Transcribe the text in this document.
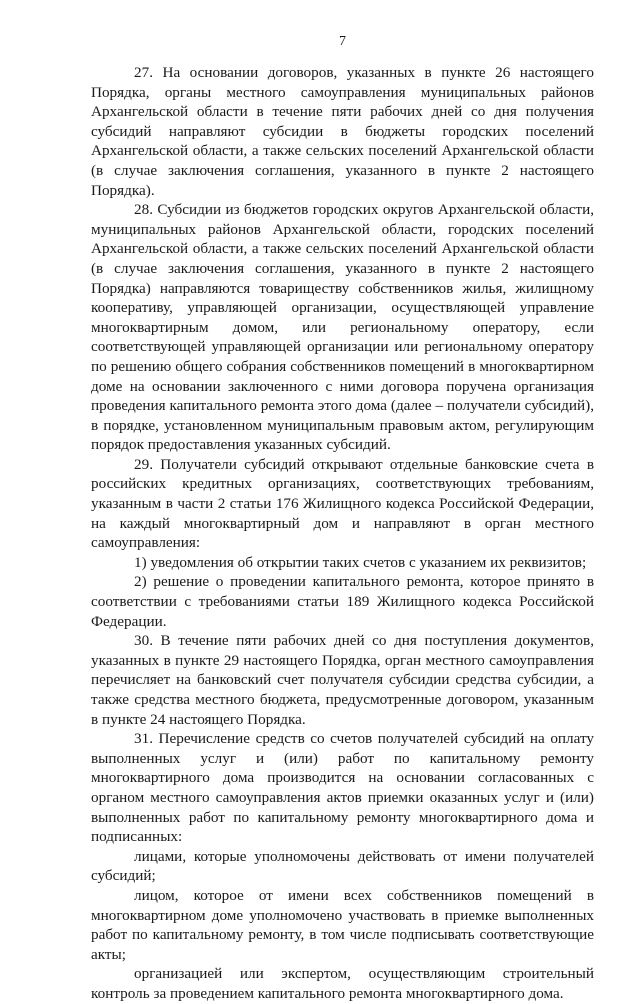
7

27. На основании договоров, указанных в пункте 26 настоящего Порядка, органы местного самоуправления муниципальных районов Архангельской области в течение пяти рабочих дней со дня получения субсидий направляют субсидии в бюджеты городских поселений Архангельской области, а также сельских поселений Архангельской области (в случае заключения соглашения, указанного в пункте 2 настоящего Порядка).

28. Субсидии из бюджетов городских округов Архангельской области, муниципальных районов Архангельской области, городских поселений Архангельской области, а также сельских поселений Архангельской области (в случае заключения соглашения, указанного в пункте 2 настоящего Порядка) направляются товариществу собственников жилья, жилищному кооперативу, управляющей организации, осуществляющей управление многоквартирным домом, или региональному оператору, если соответствующей управляющей организации или региональному оператору по решению общего собрания собственников помещений в многоквартирном доме на основании заключенного с ними договора поручена организация проведения капитального ремонта этого дома (далее – получатели субсидий), в порядке, установленном муниципальным правовым актом, регулирующим порядок предоставления указанных субсидий.

29. Получатели субсидий открывают отдельные банковские счета в российских кредитных организациях, соответствующих требованиям, указанным в части 2 статьи 176 Жилищного кодекса Российской Федерации, на каждый многоквартирный дом и направляют в орган местного самоуправления:

1) уведомления об открытии таких счетов с указанием их реквизитов;

2) решение о проведении капитального ремонта, которое принято в соответствии с требованиями статьи 189 Жилищного кодекса Российской Федерации.

30. В течение пяти рабочих дней со дня поступления документов, указанных в пункте 29 настоящего Порядка, орган местного самоуправления перечисляет на банковский счет получателя субсидии средства субсидии, а также средства местного бюджета, предусмотренные договором, указанным в пункте 24 настоящего Порядка.

31. Перечисление средств со счетов получателей субсидий на оплату выполненных услуг и (или) работ по капитальному ремонту многоквартирного дома производится на основании согласованных с органом местного самоуправления актов приемки оказанных услуг и (или) выполненных работ по капитальному ремонту многоквартирного дома и подписанных:

лицами, которые уполномочены действовать от имени получателей субсидий;

лицом, которое от имени всех собственников помещений в многоквартирном доме уполномочено участвовать в приемке выполненных работ по капитальному ремонту, в том числе подписывать соответствующие акты;

организацией или экспертом, осуществляющим строительный контроль за проведением капитального ремонта многоквартирного дома.
